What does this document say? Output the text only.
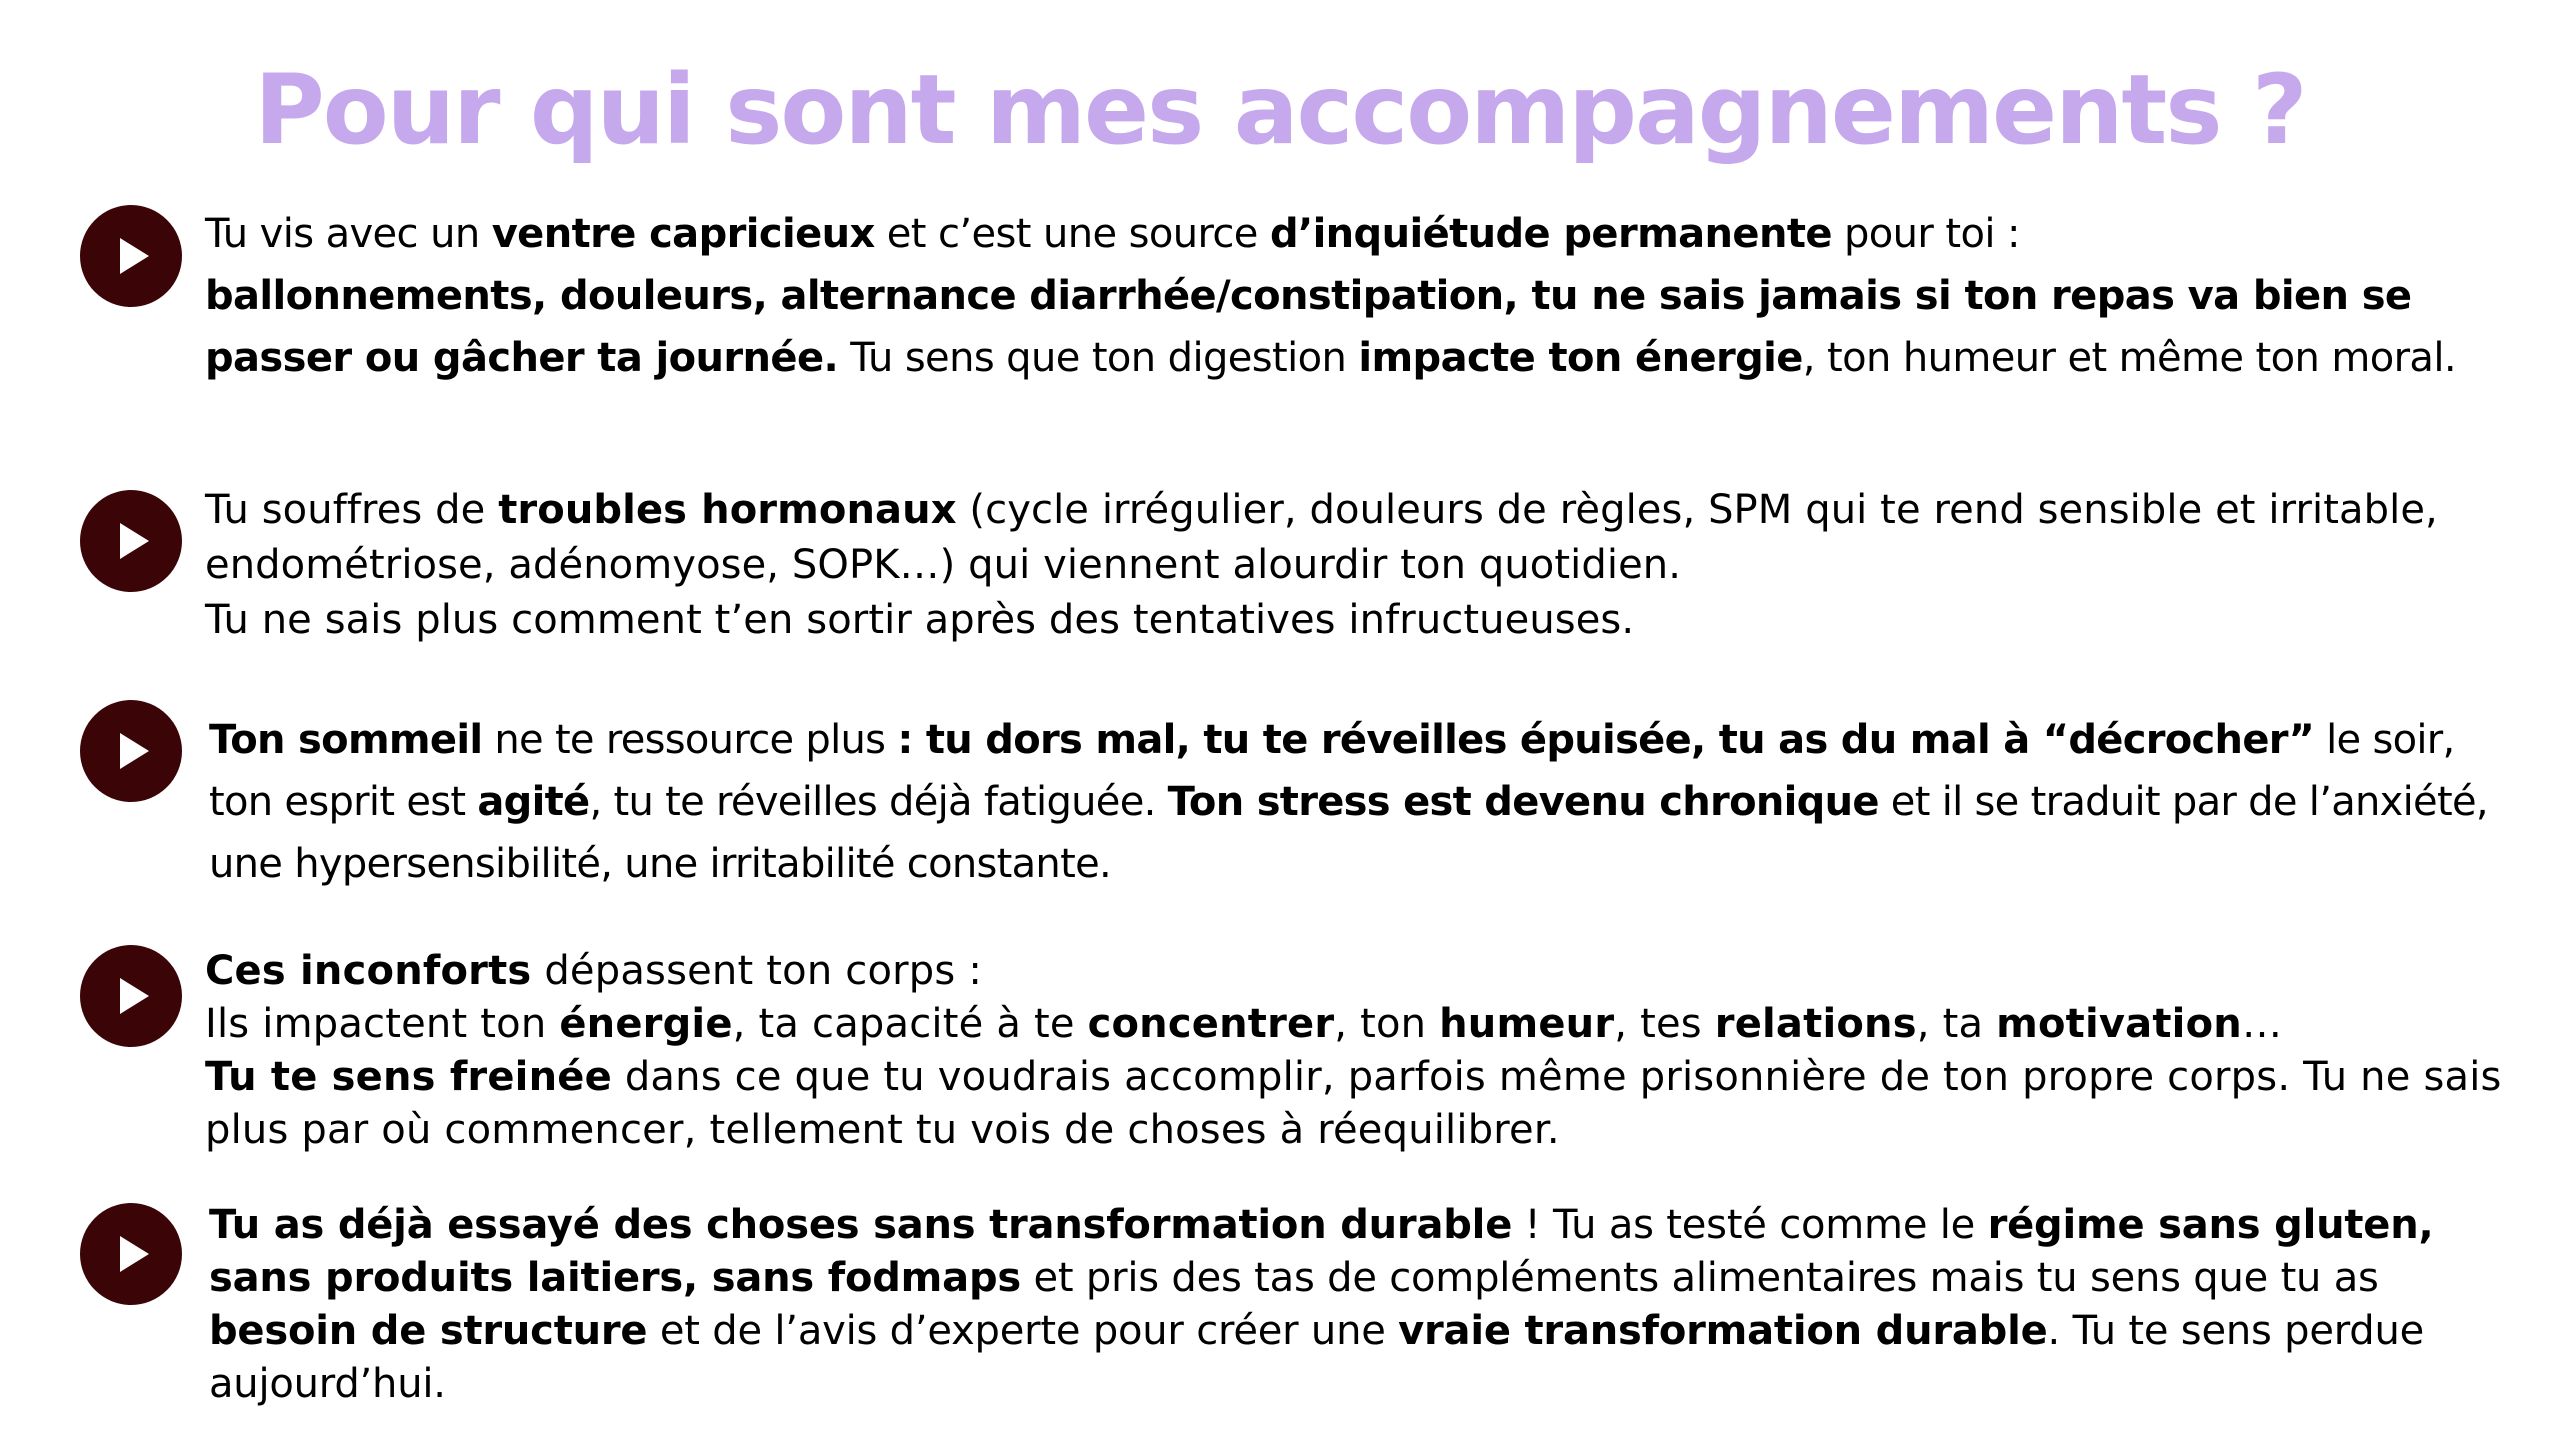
Pour qui sont mes accompagnements ?

Tu vis avec un ventre capricieux et c’est une source d’inquiétude permanente pour toi :
ballonnements, douleurs, alternance diarrhée/constipation, tu ne sais jamais si ton repas va bien se passer ou gâcher ta journée. Tu sens que ton digestion impacte ton énergie, ton humeur et même ton moral.

Tu souffres de troubles hormonaux (cycle irrégulier, douleurs de règles, SPM qui te rend sensible et irritable, endométriose, adénomyose, SOPK…) qui viennent alourdir ton quotidien.
Tu ne sais plus comment t’en sortir après des tentatives infructueuses.

Ton sommeil ne te ressource plus : tu dors mal, tu te réveilles épuisée, tu as du mal à “décrocher” le soir, ton esprit est agité, tu te réveilles déjà fatiguée. Ton stress est devenu chronique et il se traduit par de l’anxiété, une hypersensibilité, une irritabilité constante.

Ces inconforts dépassent ton corps :
Ils impactent ton énergie, ta capacité à te concentrer, ton humeur, tes relations, ta motivation…
Tu te sens freinée dans ce que tu voudrais accomplir, parfois même prisonnière de ton propre corps. Tu ne sais plus par où commencer, tellement tu vois de choses à réequilibrer.

Tu as déjà essayé des choses sans transformation durable ! Tu as testé comme le régime sans gluten, sans produits laitiers, sans fodmaps et pris des tas de compléments alimentaires mais tu sens que tu as besoin de structure et de l’avis d’experte pour créer une vraie transformation durable. Tu te sens perdue aujourd’hui.
